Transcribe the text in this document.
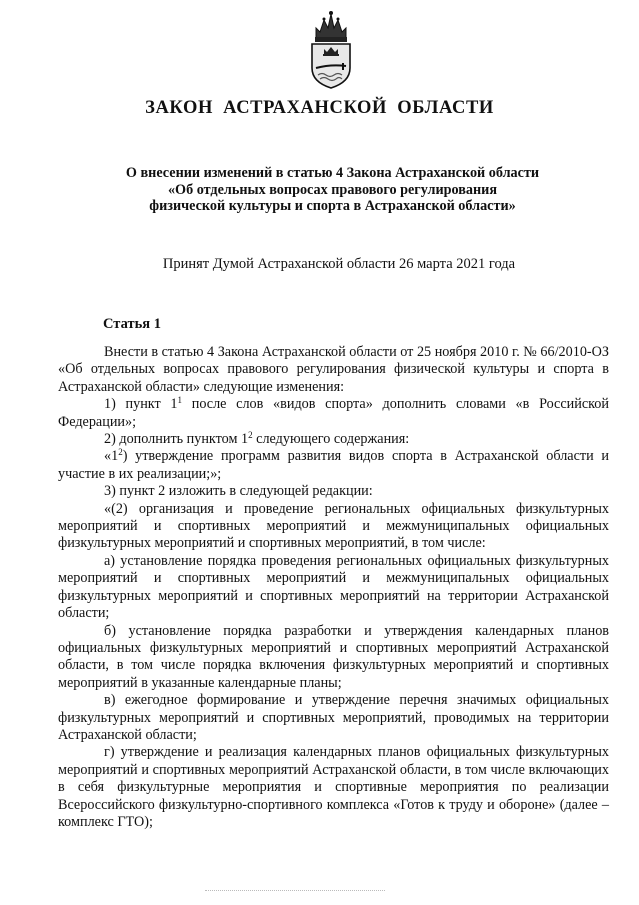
ЗАКОН АСТРАХАНСКОЙ ОБЛАСТИ
О внесении изменений в статью 4 Закона Астраханской области
«Об отдельных вопросах правового регулирования
физической культуры и спорта в Астраханской области»
Принят Думой Астраханской области 26 марта 2021 года
Статья 1

Внести в статью 4 Закона Астраханской области от 25 ноября 2010 г. № 66/2010-ОЗ «Об отдельных вопросах правового регулирования физической культуры и спорта в Астраханской области» следующие изменения:

1) пункт $1^1$ после слов «видов спорта» дополнить словами «в Российской Федерации»;

2) дополнить пунктом $1^2$ следующего содержания:

«$1^2$) утверждение программ развития видов спорта в Астраханской области и участие в их реализации;»;

3) пункт 2 изложить в следующей редакции:

«(2) организация и проведение региональных официальных физкультурных мероприятий и спортивных мероприятий и межмуниципальных официальных физкультурных мероприятий и спортивных мероприятий, в том числе:

а) установление порядка проведения региональных официальных физкультурных мероприятий и спортивных мероприятий и межмуниципальных официальных физкультурных мероприятий и спортивных мероприятий на территории Астраханской области;

б) установление порядка разработки и утверждения календарных планов официальных физкультурных мероприятий и спортивных мероприятий Астраханской области, в том числе порядка включения физкультурных мероприятий и спортивных мероприятий в указанные календарные планы;

в) ежегодное формирование и утверждение перечня значимых официальных физкультурных мероприятий и спортивных мероприятий, проводимых на территории Астраханской области;

г) утверждение и реализация календарных планов официальных физкультурных мероприятий и спортивных мероприятий Астраханской области, в том числе включающих в себя физкультурные мероприятия и спортивные мероприятия по реализации Всероссийского физкультурно-спортивного комплекса «Готов к труду и обороне» (далее – комплекс ГТО);
